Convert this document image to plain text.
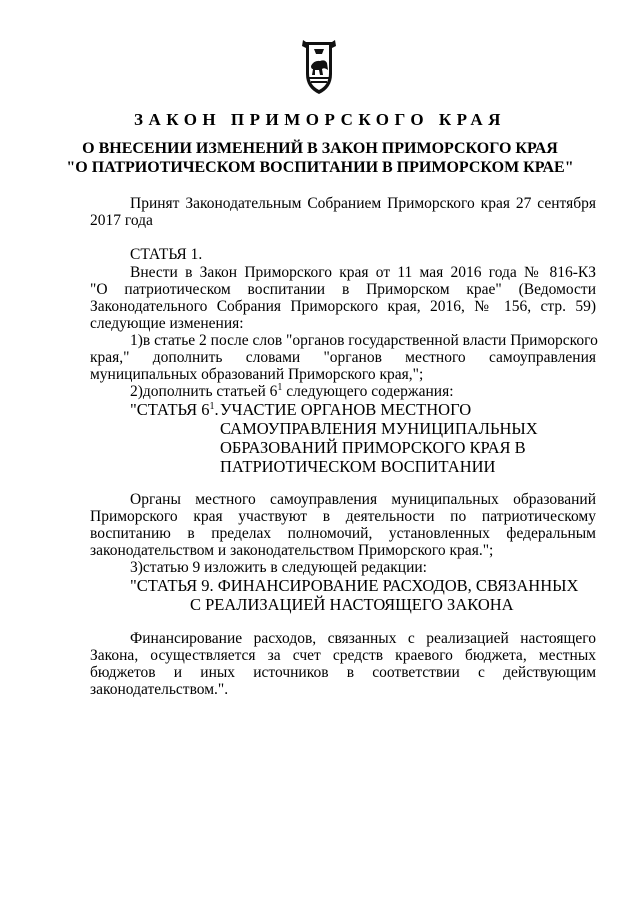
ЗАКОН ПРИМОРСКОГО КРАЯ
О ВНЕСЕНИИ ИЗМЕНЕНИЙ В ЗАКОН ПРИМОРСКОГО КРАЯ
"О ПАТРИОТИЧЕСКОМ ВОСПИТАНИИ В ПРИМОРСКОМ КРАЕ"
Принят Законодательным Собранием Приморского края 27 сентября
2017 года
СТАТЬЯ 1.
Внести в Закон Приморского края от 11 мая 2016 года № 816-КЗ
"О патриотическом воспитании в Приморском крае" (Ведомости
Законодательного Собрания Приморского края, 2016, № 156, стр. 59)
следующие изменения:
1)в статье 2 после слов "органов государственной власти Приморского
края," дополнить словами "органов местного самоуправления
муниципальных образований Приморского края,";
2)дополнить статьей $6^1$ следующего содержания:
"СТАТЬЯ $6^1$. УЧАСТИЕ ОРГАНОВ МЕСТНОГО
САМОУПРАВЛЕНИЯ МУНИЦИПАЛЬНЫХ
ОБРАЗОВАНИЙ ПРИМОРСКОГО КРАЯ В
ПАТРИОТИЧЕСКОМ ВОСПИТАНИИ
Органы местного самоуправления муниципальных образований
Приморского края участвуют в деятельности по патриотическому
воспитанию в пределах полномочий, установленных федеральным
законодательством и законодательством Приморского края.";
3)статью 9 изложить в следующей редакции:
"СТАТЬЯ 9. ФИНАНСИРОВАНИЕ РАСХОДОВ, СВЯЗАННЫХ
С РЕАЛИЗАЦИЕЙ НАСТОЯЩЕГО ЗАКОНА
Финансирование расходов, связанных с реализацией настоящего
Закона, осуществляется за счет средств краевого бюджета, местных
бюджетов и иных источников в соответствии с действующим
законодательством.".
